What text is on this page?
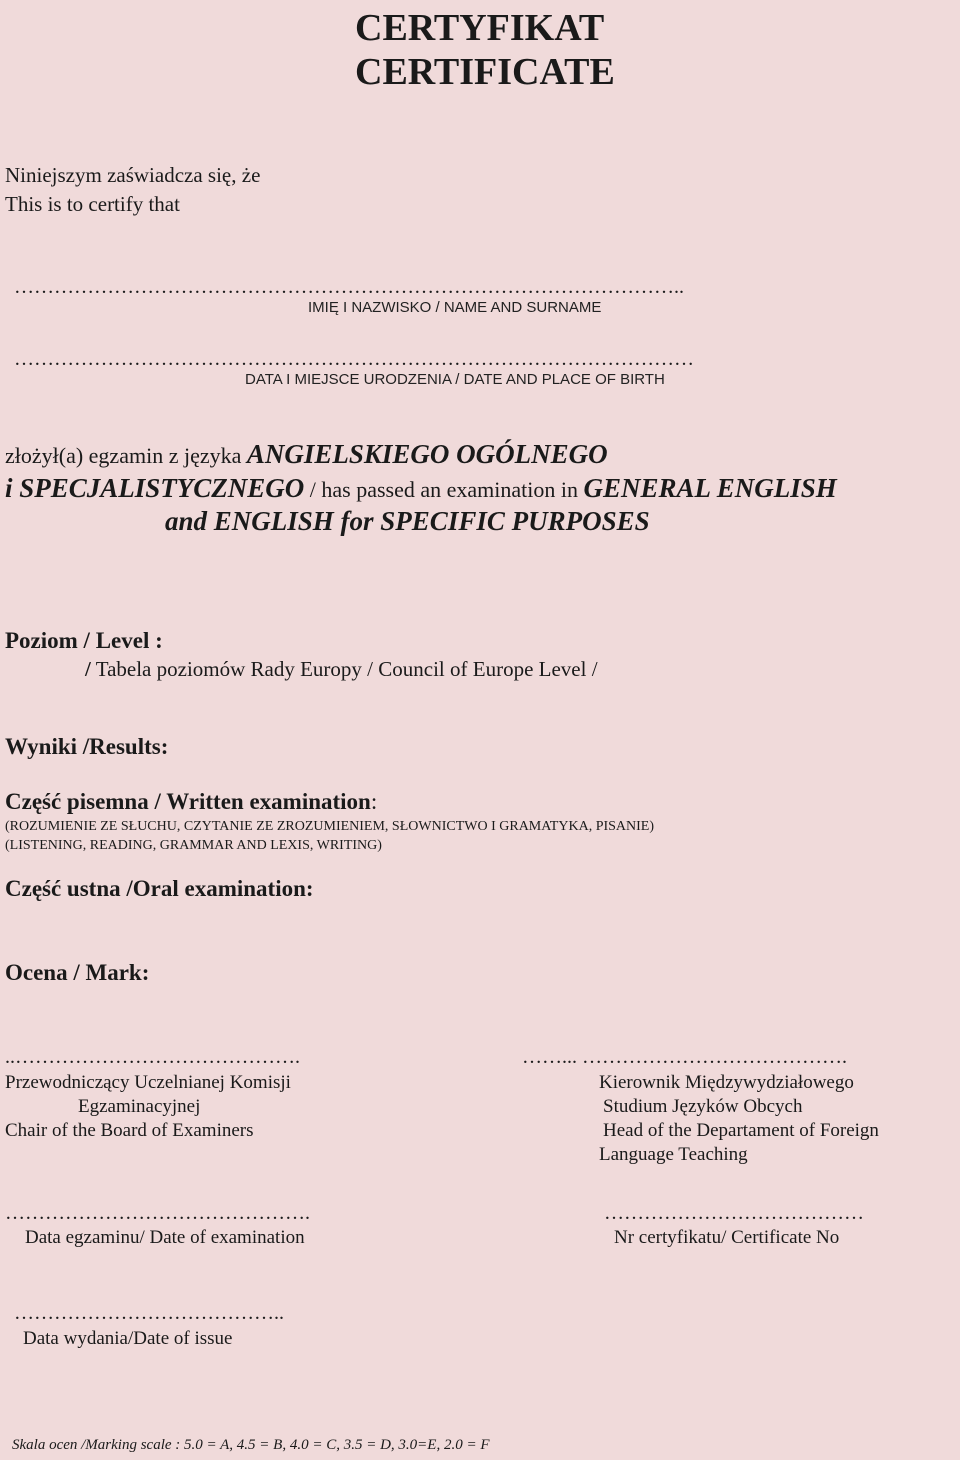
CERTYFIKAT
CERTIFICATE
Niniejszym zaświadcza się, że
This is to certify that
………………………………………………………………………………………..
IMIĘ I NAZWISKO / NAME AND SURNAME
…………………………………………………………………………………………
DATA I MIEJSCE URODZENIA / DATE AND PLACE OF BIRTH
złożył(a) egzamin z języka ANGIELSKIEGO OGÓLNEGO
i SPECJALISTYCZNEGO / has passed an examination in GENERAL ENGLISH
and ENGLISH for SPECIFIC PURPOSES
Poziom / Level :
/ Tabela poziomów Rady Europy / Council of Europe Level /
Wyniki /Results:
Część pisemna / Written examination:
(ROZUMIENIE ZE SŁUCHU, CZYTANIE ZE ZROZUMIENIEM, SŁOWNICTWO I GRAMATYKA, PISANIE)
(LISTENING, READING, GRAMMAR AND LEXIS, WRITING)
Część ustna /Oral examination:
Ocena / Mark:
..…………………………………….
Przewodniczący Uczelnianej Komisji
Egzaminacyjnej
Chair of the Board of Examiners
……... ………………………………….
Kierownik Międzywydziałowego
Studium Języków Obcych
Head of the Departament of Foreign
Language Teaching
……………………………………….
Data egzaminu/ Date of examination
…………………………………
Nr certyfikatu/ Certificate No
…………………………………..
Data wydania/Date of issue
Skala ocen /Marking scale : 5.0 = A, 4.5 = B, 4.0 = C, 3.5 = D, 3.0=E, 2.0 = F
